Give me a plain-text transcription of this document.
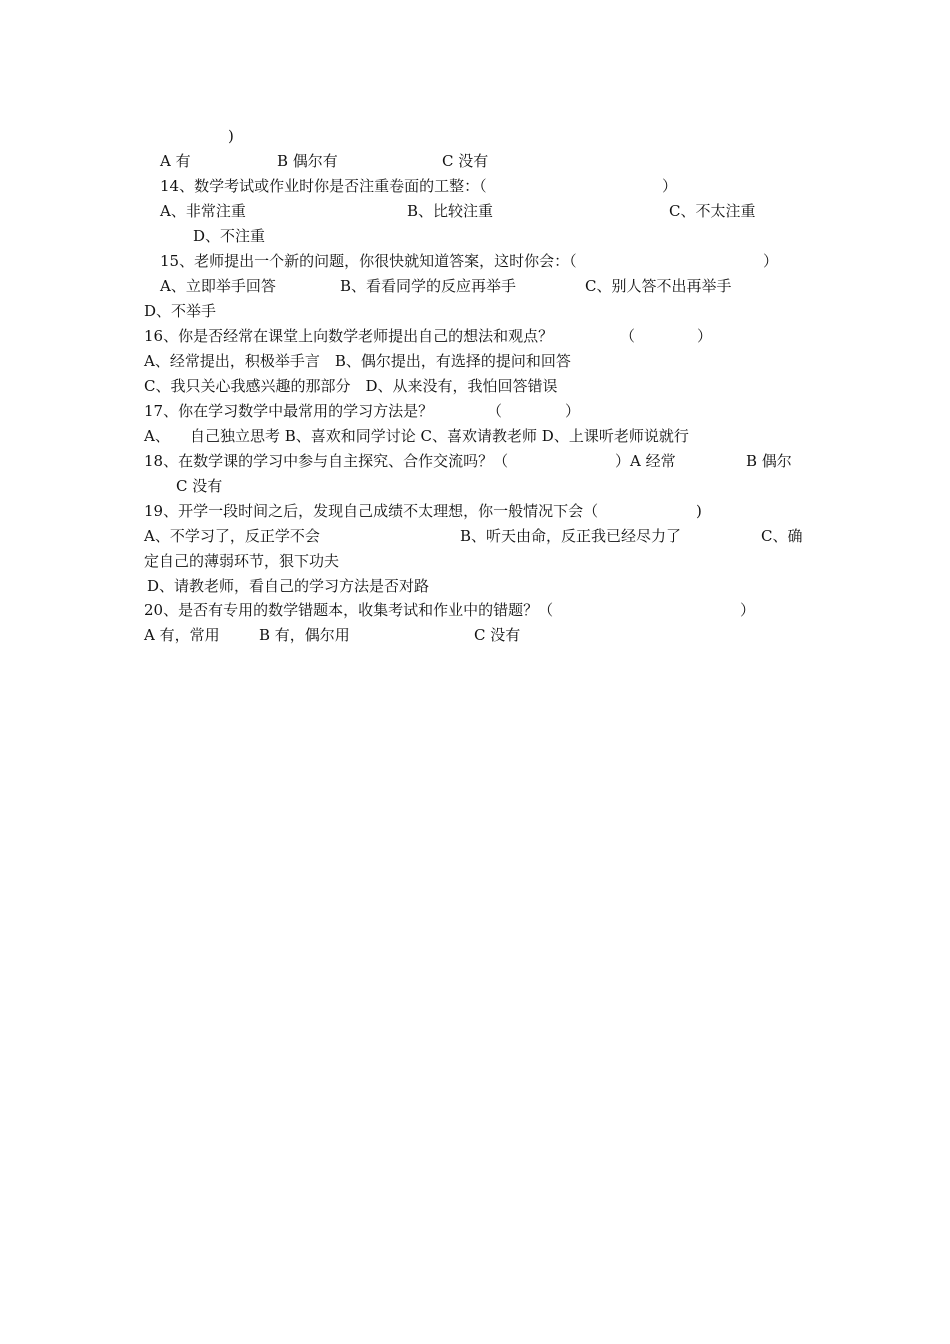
)
A 有	B 偶尔有	C 没有
14、数学考试或作业时你是否注重卷面的工整：（	）
A、非常注重	B、比较注重	C、不太注重
D、不注重
15、老师提出一个新的问题，你很快就知道答案，这时你会：（	）
A、立即举手回答	B、看看同学的反应再举手	C、别人答不出再举手
D、不举手
16、你是否经常在课堂上向数学老师提出自己的想法和观点？	（	）
A、经常提出，积极举手言　B、偶尔提出，有选择的提问和回答
C、我只关心我感兴趣的那部分　D、从来没有，我怕回答错误
17、你在学习数学中最常用的学习方法是？	（	）
A、 自己独立思考 B、喜欢和同学讨论 C、喜欢请教老师 D、上课听老师说就行
18、在数学课的学习中参与自主探究、合作交流吗？（	）A 经常	B 偶尔
C 没有
19、开学一段时间之后，发现自己成绩不太理想，你一般情况下会（	)
A、不学习了，反正学不会	B、听天由命，反正我已经尽力了	C、确
定自己的薄弱环节，狠下功夫
D、请教老师，看自己的学习方法是否对路
20、是否有专用的数学错题本，收集考试和作业中的错题？（	）
A 有，常用	B 有，偶尔用	C 没有
